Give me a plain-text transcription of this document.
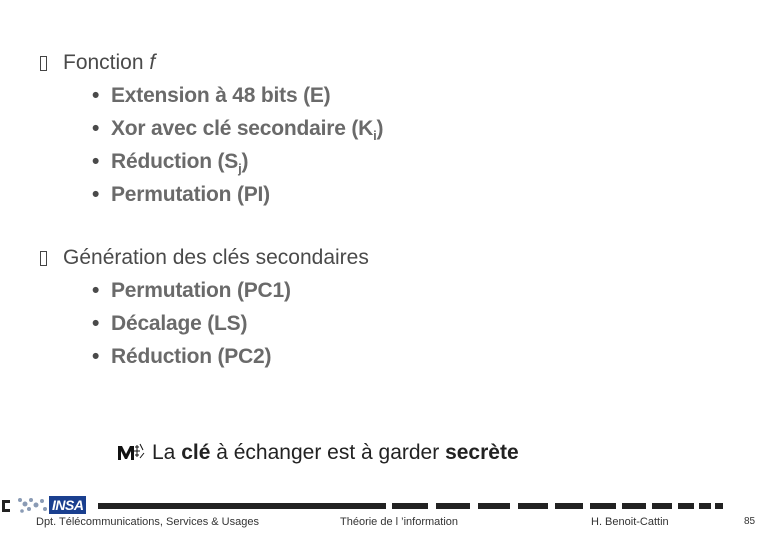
Fonction f
• Extension à 48 bits (E)
• Xor avec clé secondaire $(K_i)$
• Réduction $(S_j)$
• Permutation (PI)
Génération des clés secondaires
• Permutation (PC1)
• Décalage (LS)
• Réduction (PC2)
La clé à échanger est à garder secrète
INSA
Dpt. Télécommunications, Services & Usages	Théorie de l ’information	H. Benoit-Cattin	85
